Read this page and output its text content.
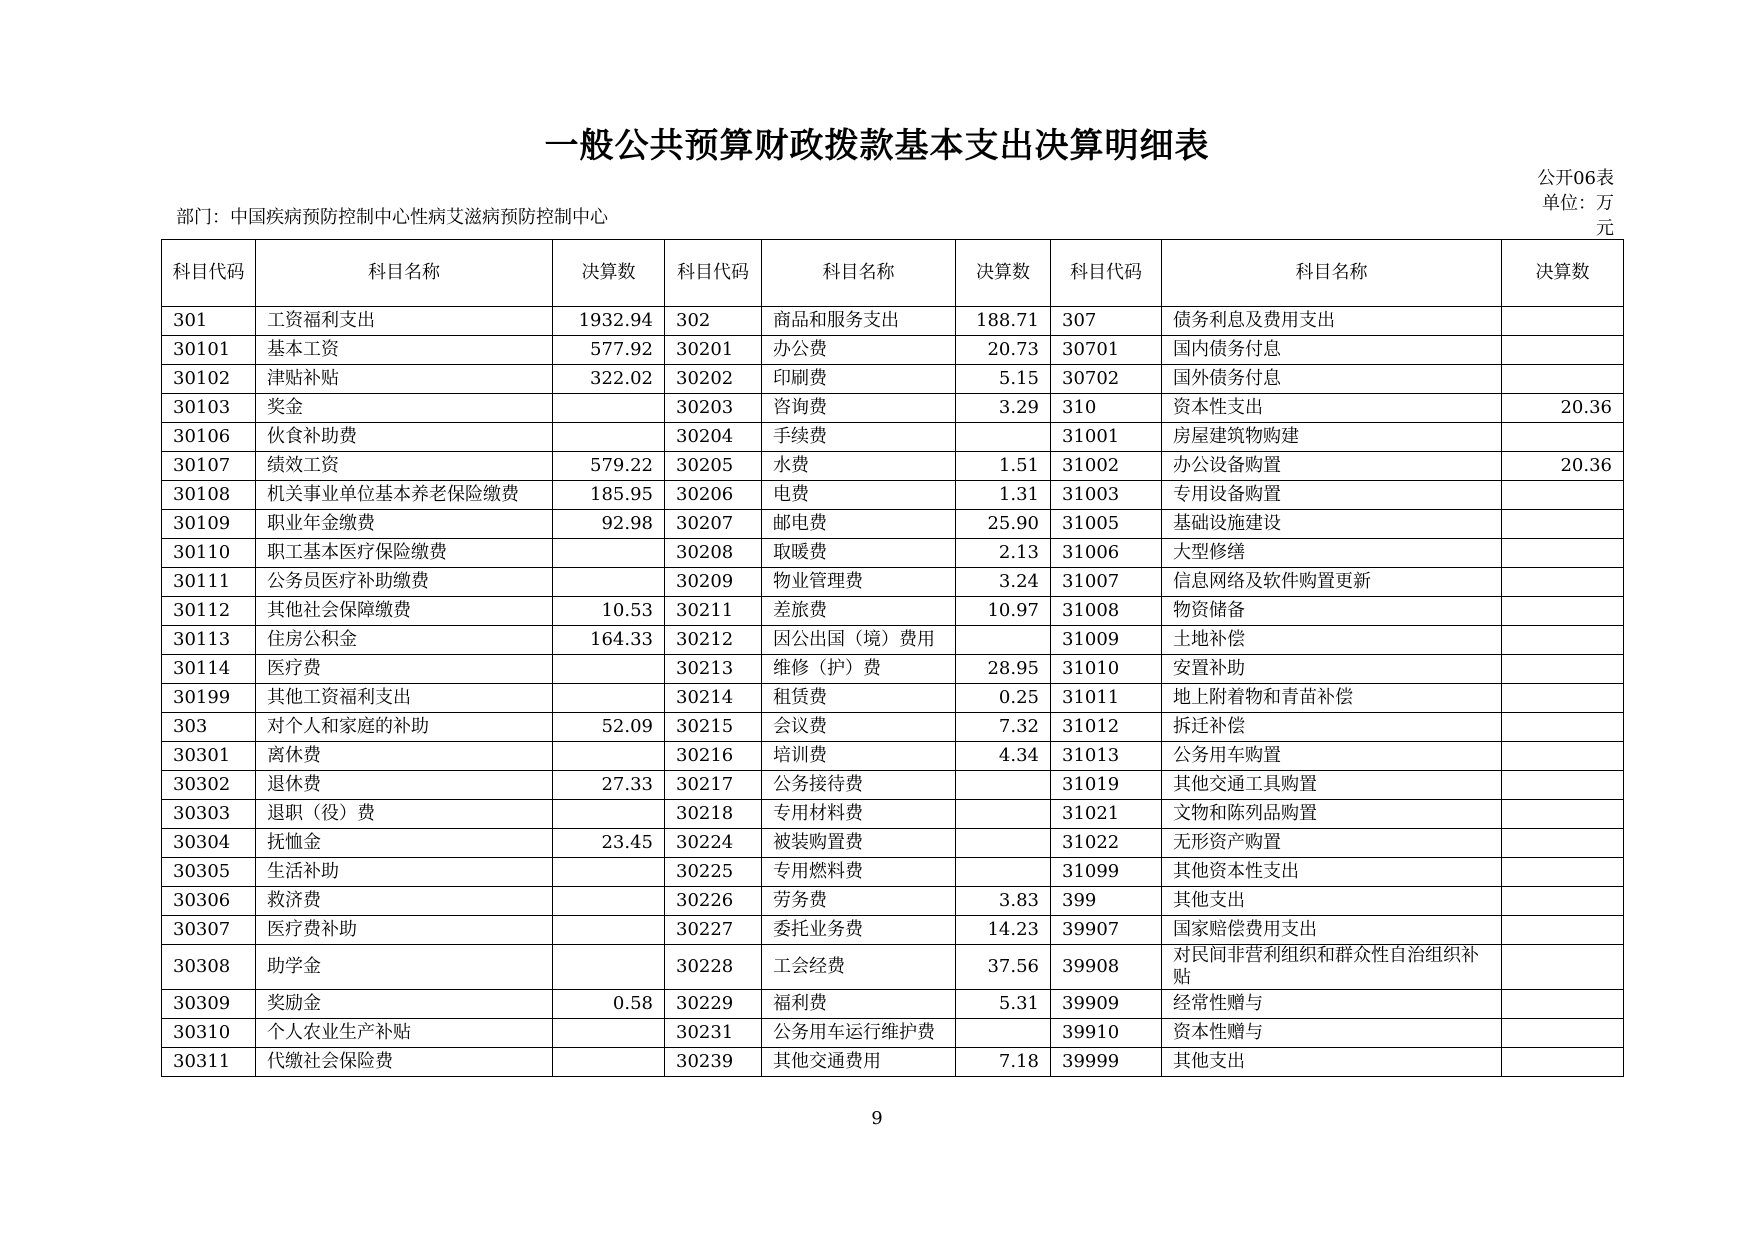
一般公共预算财政拨款基本支出决算明细表
公开06表
单位：万元
部门：中国疾病预防控制中心性病艾滋病预防控制中心
科目代码	科目名称	决算数	科目代码	科目名称	决算数	科目代码	科目名称	决算数
301	工资福利支出	1932.94	302	商品和服务支出	188.71	307	债务利息及费用支出	
30101	基本工资	577.92	30201	办公费	20.73	30701	国内债务付息	
30102	津贴补贴	322.02	30202	印刷费	5.15	30702	国外债务付息	
30103	奖金		30203	咨询费	3.29	310	资本性支出	20.36
30106	伙食补助费		30204	手续费		31001	房屋建筑物购建	
30107	绩效工资	579.22	30205	水费	1.51	31002	办公设备购置	20.36
30108	机关事业单位基本养老保险缴费	185.95	30206	电费	1.31	31003	专用设备购置	
30109	职业年金缴费	92.98	30207	邮电费	25.90	31005	基础设施建设	
30110	职工基本医疗保险缴费		30208	取暖费	2.13	31006	大型修缮	
30111	公务员医疗补助缴费		30209	物业管理费	3.24	31007	信息网络及软件购置更新	
30112	其他社会保障缴费	10.53	30211	差旅费	10.97	31008	物资储备	
30113	住房公积金	164.33	30212	因公出国（境）费用		31009	土地补偿	
30114	医疗费		30213	维修（护）费	28.95	31010	安置补助	
30199	其他工资福利支出		30214	租赁费	0.25	31011	地上附着物和青苗补偿	
303	对个人和家庭的补助	52.09	30215	会议费	7.32	31012	拆迁补偿	
30301	离休费		30216	培训费	4.34	31013	公务用车购置	
30302	退休费	27.33	30217	公务接待费		31019	其他交通工具购置	
30303	退职（役）费		30218	专用材料费		31021	文物和陈列品购置	
30304	抚恤金	23.45	30224	被装购置费		31022	无形资产购置	
30305	生活补助		30225	专用燃料费		31099	其他资本性支出	
30306	救济费		30226	劳务费	3.83	399	其他支出	
30307	医疗费补助		30227	委托业务费	14.23	39907	国家赔偿费用支出	
30308	助学金		30228	工会经费	37.56	39908	对民间非营利组织和群众性自治组织补贴	
30309	奖励金	0.58	30229	福利费	5.31	39909	经常性赠与	
30310	个人农业生产补贴		30231	公务用车运行维护费		39910	资本性赠与	
30311	代缴社会保险费		30239	其他交通费用	7.18	39999	其他支出	
9
